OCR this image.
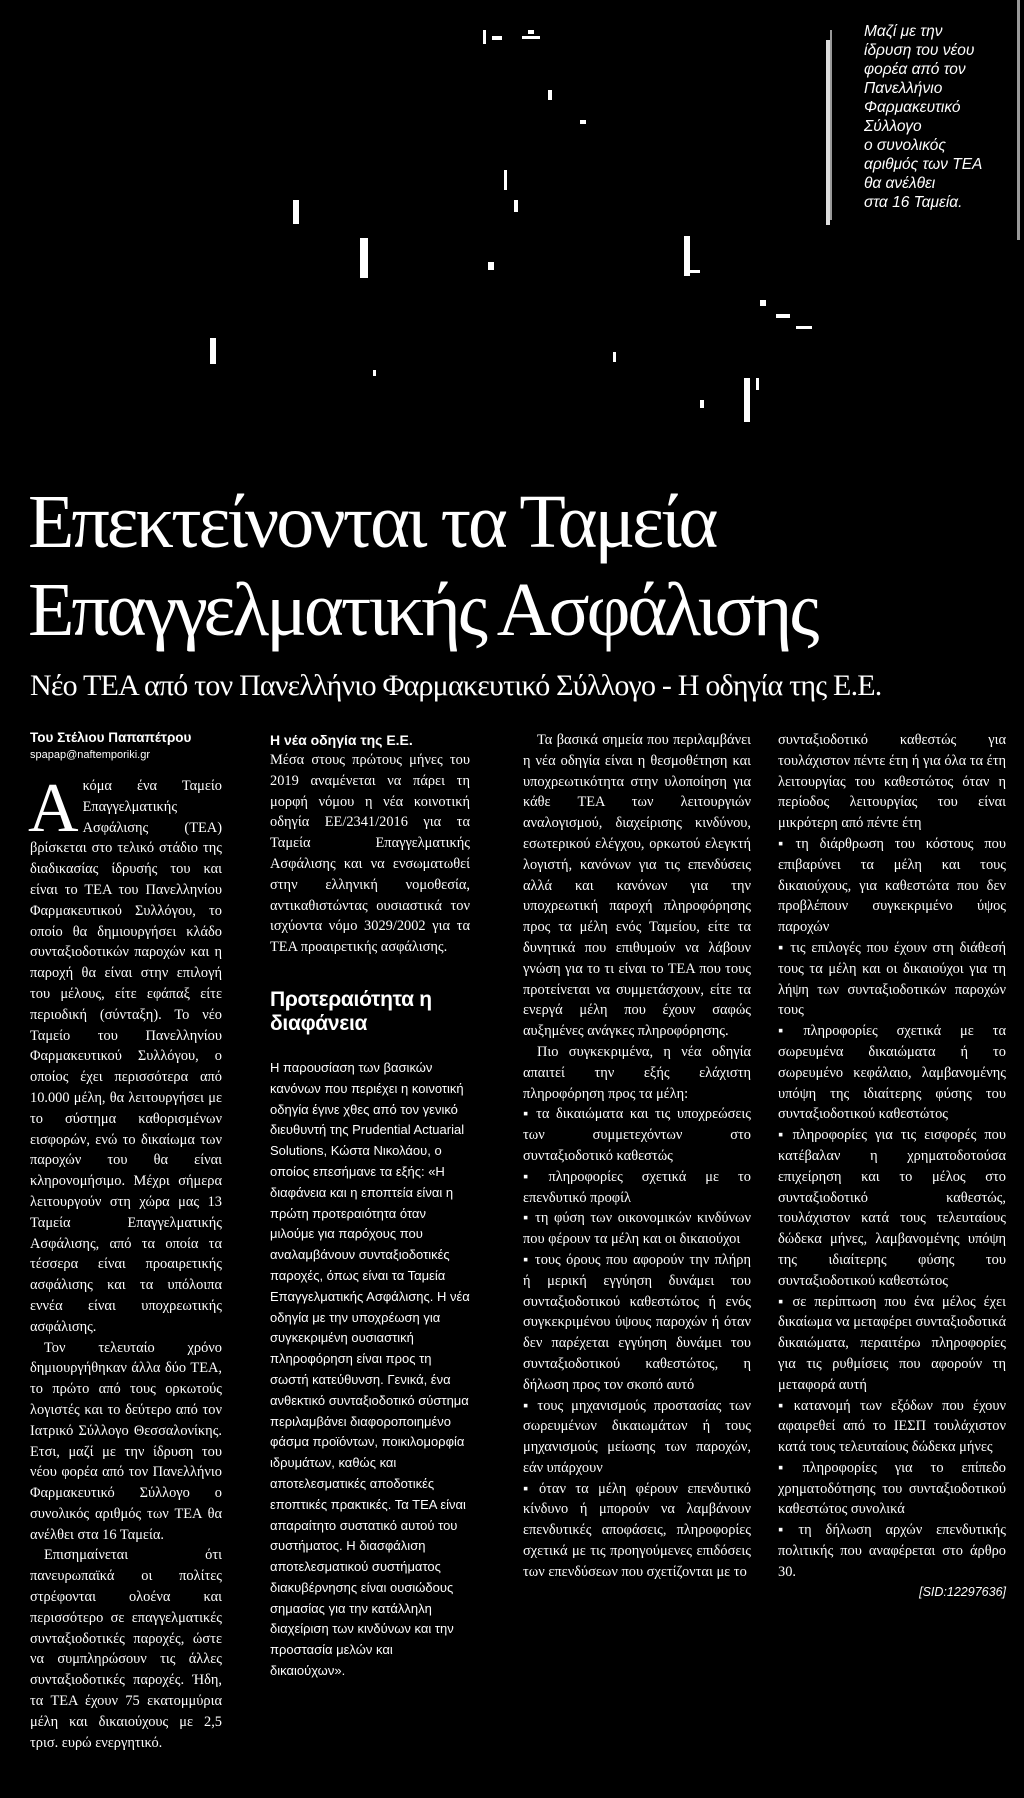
Μαζί με την
ίδρυση του νέου
φορέα από τον
Πανελλήνιο
Φαρμακευτικό
Σύλλογο
ο συνολικός
αριθμός των ΤΕΑ
θα ανέλθει
στα 16 Ταμεία.
Επεκτείνονται τα Ταμεία Επαγγελματικής Ασφάλισης
Νέο ΤΕΑ από τον Πανελλήνιο Φαρμακευτικό Σύλλογο - Η οδηγία της Ε.Ε.

Του Στέλιου Παπαπέτρου

spapap@naftemporiki.gr

Ακόμα ένα Ταμείο Επαγγελματικής Ασφάλισης (ΤΕΑ) βρίσκεται στο τελικό στάδιο της διαδικασίας ίδρυσής του και είναι το ΤΕΑ του Πανελληνίου Φαρμακευτικού Συλλόγου, το οποίο θα δημιουργήσει κλάδο συνταξιοδοτικών παροχών και η παροχή θα είναι στην επιλογή του μέλους, είτε εφάπαξ είτε περιοδική (σύνταξη). Το νέο Ταμείο του Πανελληνίου Φαρμακευτικού Συλλόγου, ο οποίος έχει περισσότερα από 10.000 μέλη, θα λειτουργήσει με το σύστημα καθορισμένων εισφορών, ενώ το δικαίωμα των παροχών του θα είναι κληρονομήσιμο. Μέχρι σήμερα λειτουργούν στη χώρα μας 13 Ταμεία Επαγγελματικής Ασφάλισης, από τα οποία τα τέσσερα είναι προαιρετικής ασφάλισης και τα υπόλοιπα εννέα είναι υποχρεωτικής ασφάλισης.

Τον τελευταίο χρόνο δημιουργήθηκαν άλλα δύο ΤΕΑ, το πρώτο από τους ορκωτούς λογιστές και το δεύτερο από τον Ιατρικό Σύλλογο Θεσσαλονίκης. Ετσι, μαζί με την ίδρυση του νέου φορέα από τον Πανελλήνιο Φαρμακευτικό Σύλλογο ο συνολικός αριθμός των ΤΕΑ θα ανέλθει στα 16 Ταμεία.

Επισημαίνεται ότι πανευρωπαϊκά οι πολίτες στρέφονται ολοένα και περισσότερο σε επαγγελματικές συνταξιοδοτικές παροχές, ώστε να συμπληρώσουν τις άλλες συνταξιοδοτικές παροχές. Ήδη, τα ΤΕΑ έχουν 75 εκατομμύρια μέλη και δικαιούχους με 2,5 τρισ. ευρώ ενεργητικό.

Η νέα οδηγία της Ε.Ε.

Μέσα στους πρώτους μήνες του 2019 αναμένεται να πάρει τη μορφή νόμου η νέα κοινοτική οδηγία ΕΕ/2341/2016 για τα Ταμεία Επαγγελματικής Ασφάλισης και να ενσωματωθεί στην ελληνική νομοθεσία, αντικαθιστώντας ουσιαστικά τον ισχύοντα νόμο 3029/2002 για τα ΤΕΑ προαιρετικής ασφάλισης.

Προτεραιότητα η διαφάνεια

Η παρουσίαση των βασικών κανόνων που περιέχει η κοινοτική οδηγία έγινε χθες από τον γενικό διευθυντή της Prudential Actuarial Solutions, Κώστα Νικολάου, ο οποίος επεσήμανε τα εξής: «Η διαφάνεια και η εποπτεία είναι η πρώτη προτεραιότητα όταν μιλούμε για παρόχους που αναλαμβάνουν συνταξιοδοτικές παροχές, όπως είναι τα Ταμεία Επαγγελματικής Ασφάλισης. Η νέα οδηγία με την υποχρέωση για συγκεκριμένη ουσιαστική πληροφόρηση είναι προς τη σωστή κατεύθυνση. Γενικά, ένα ανθεκτικό συνταξιοδοτικό σύστημα περιλαμβάνει διαφοροποιημένο φάσμα προϊόντων, ποικιλομορφία ιδρυμάτων, καθώς και αποτελεσματικές αποδοτικές εποπτικές πρακτικές. Τα ΤΕΑ είναι απαραίτητο συστατικό αυτού του συστήματος. Η διασφάλιση αποτελεσματικού συστήματος διακυβέρνησης είναι ουσιώδους σημασίας για την κατάλληλη διαχείριση των κινδύνων και την προστασία μελών και δικαιούχων».

Τα βασικά σημεία που περιλαμβάνει η νέα οδηγία είναι η θεσμοθέτηση και υποχρεωτικότητα στην υλοποίηση για κάθε ΤΕΑ των λειτουργιών αναλογισμού, διαχείρισης κινδύνου, εσωτερικού ελέγχου, ορκωτού ελεγκτή λογιστή, κανόνων για τις επενδύσεις αλλά και κανόνων για την υποχρεωτική παροχή πληροφόρησης προς τα μέλη ενός Ταμείου, είτε τα δυνητικά που επιθυμούν να λάβουν γνώση για το τι είναι το ΤΕΑ που τους προτείνεται να συμμετάσχουν, είτε τα ενεργά μέλη που έχουν σαφώς αυξημένες ανάγκες πληροφόρησης.

Πιο συγκεκριμένα, η νέα οδηγία απαιτεί την εξής ελάχιστη πληροφόρηση προς τα μέλη:

▪ τα δικαιώματα και τις υποχρεώσεις των συμμετεχόντων στο συνταξιοδοτικό καθεστώς
▪ πληροφορίες σχετικά με το επενδυτικό προφίλ
▪ τη φύση των οικονομικών κινδύνων που φέρουν τα μέλη και οι δικαιούχοι
▪ τους όρους που αφορούν την πλήρη ή μερική εγγύηση δυνάμει του συνταξιοδοτικού καθεστώτος ή ενός συγκεκριμένου ύψους παροχών ή όταν δεν παρέχεται εγγύηση δυνάμει του συνταξιοδοτικού καθεστώτος, η δήλωση προς τον σκοπό αυτό
▪ τους μηχανισμούς προστασίας των σωρευμένων δικαιωμάτων ή τους μηχανισμούς μείωσης των παροχών, εάν υπάρχουν
▪ όταν τα μέλη φέρουν επενδυτικό κίνδυνο ή μπορούν να λαμβάνουν επενδυτικές αποφάσεις, πληροφορίες σχετικά με τις προηγούμενες επιδόσεις των επενδύσεων που σχετίζονται με το

συνταξιοδοτικό καθεστώς για τουλάχιστον πέντε έτη ή για όλα τα έτη λειτουργίας του καθεστώτος όταν η περίοδος λειτουργίας του είναι μικρότερη από πέντε έτη

▪ τη διάρθρωση του κόστους που επιβαρύνει τα μέλη και τους δικαιούχους, για καθεστώτα που δεν προβλέπουν συγκεκριμένο ύψος παροχών
▪ τις επιλογές που έχουν στη διάθεσή τους τα μέλη και οι δικαιούχοι για τη λήψη των συνταξιοδοτικών παροχών τους
▪ πληροφορίες σχετικά με τα σωρευμένα δικαιώματα ή το σωρευμένο κεφάλαιο, λαμβανομένης υπόψη της ιδιαίτερης φύσης του συνταξιοδοτικού καθεστώτος
▪ πληροφορίες για τις εισφορές που κατέβαλαν η χρηματοδοτούσα επιχείρηση και το μέλος στο συνταξιοδοτικό καθεστώς, τουλάχιστον κατά τους τελευταίους δώδεκα μήνες, λαμβανομένης υπόψη της ιδιαίτερης φύσης του συνταξιοδοτικού καθεστώτος
▪ σε περίπτωση που ένα μέλος έχει δικαίωμα να μεταφέρει συνταξιοδοτικά δικαιώματα, περαιτέρω πληροφορίες για τις ρυθμίσεις που αφορούν τη μεταφορά αυτή
▪ κατανομή των εξόδων που έχουν αφαιρεθεί από το ΙΕΣΠ τουλάχιστον κατά τους τελευταίους δώδεκα μήνες
▪ πληροφορίες για το επίπεδο χρηματοδότησης του συνταξιοδοτικού καθεστώτος συνολικά
▪ τη δήλωση αρχών επενδυτικής πολιτικής που αναφέρεται στο άρθρο 30.

[SID:12297636]
